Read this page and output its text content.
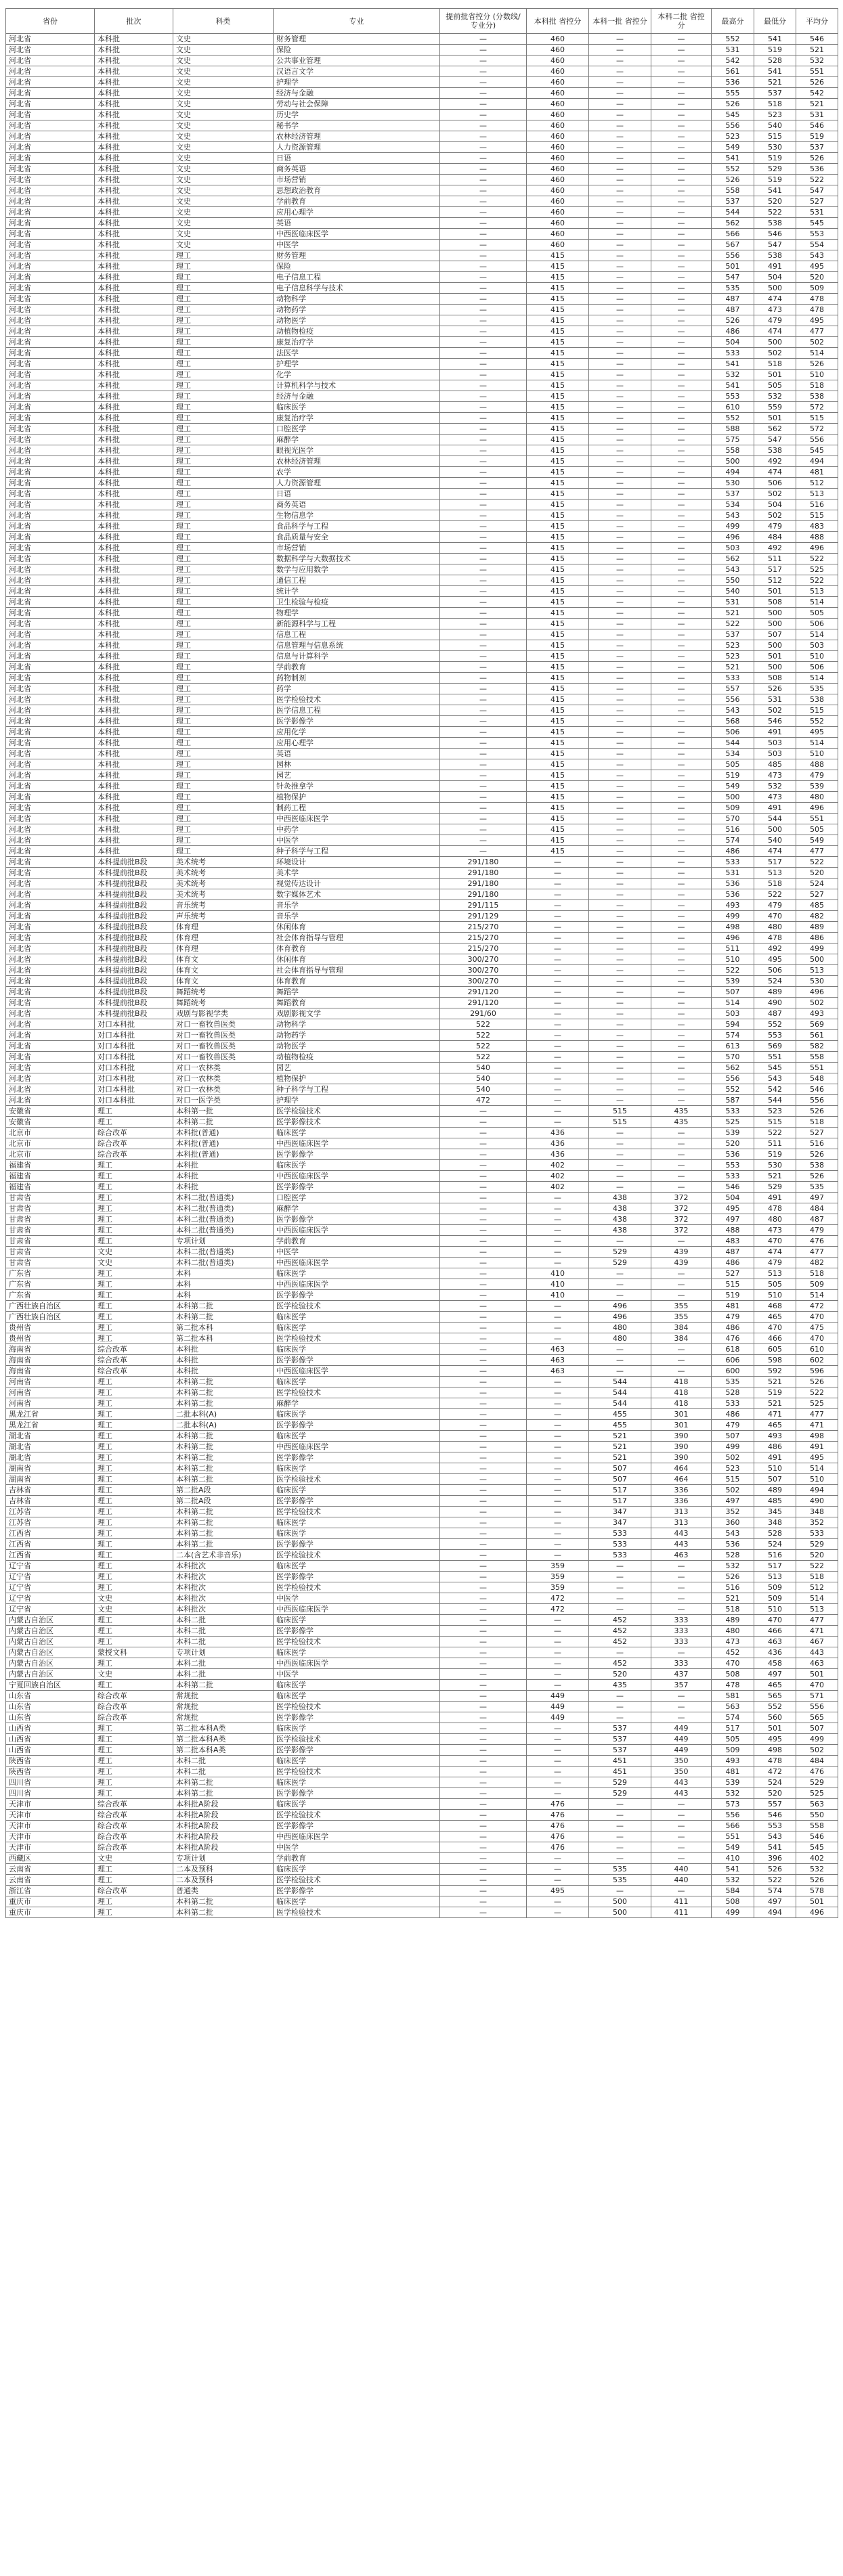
省份	批次	科类	专业	提前批省控分 (分数线/专业分)	本科批 省控分	本科一批 省控分	本科二批 省控分	最高分	最低分	平均分
河北省	本科批	文史	财务管理	—	460	—	—	552	541	546
河北省	本科批	文史	保险	—	460	—	—	531	519	521
河北省	本科批	文史	公共事业管理	—	460	—	—	542	528	532
河北省	本科批	文史	汉语言文学	—	460	—	—	561	541	551
河北省	本科批	文史	护理学	—	460	—	—	536	521	526
河北省	本科批	文史	经济与金融	—	460	—	—	555	537	542
河北省	本科批	文史	劳动与社会保障	—	460	—	—	526	518	521
河北省	本科批	文史	历史学	—	460	—	—	545	523	531
河北省	本科批	文史	秘书学	—	460	—	—	556	540	546
河北省	本科批	文史	农林经济管理	—	460	—	—	523	515	519
河北省	本科批	文史	人力资源管理	—	460	—	—	549	530	537
河北省	本科批	文史	日语	—	460	—	—	541	519	526
河北省	本科批	文史	商务英语	—	460	—	—	552	529	536
河北省	本科批	文史	市场营销	—	460	—	—	526	519	522
河北省	本科批	文史	思想政治教育	—	460	—	—	558	541	547
河北省	本科批	文史	学前教育	—	460	—	—	537	520	527
河北省	本科批	文史	应用心理学	—	460	—	—	544	522	531
河北省	本科批	文史	英语	—	460	—	—	562	538	545
河北省	本科批	文史	中西医临床医学	—	460	—	—	566	546	553
河北省	本科批	文史	中医学	—	460	—	—	567	547	554
河北省	本科批	理工	财务管理	—	415	—	—	556	538	543
河北省	本科批	理工	保险	—	415	—	—	501	491	495
河北省	本科批	理工	电子信息工程	—	415	—	—	547	504	520
河北省	本科批	理工	电子信息科学与技术	—	415	—	—	535	500	509
河北省	本科批	理工	动物科学	—	415	—	—	487	474	478
河北省	本科批	理工	动物药学	—	415	—	—	487	473	478
河北省	本科批	理工	动物医学	—	415	—	—	526	479	495
河北省	本科批	理工	动植物检疫	—	415	—	—	486	474	477
河北省	本科批	理工	康复治疗学	—	415	—	—	504	500	502
河北省	本科批	理工	法医学	—	415	—	—	533	502	514
河北省	本科批	理工	护理学	—	415	—	—	541	518	526
河北省	本科批	理工	化学	—	415	—	—	532	501	510
河北省	本科批	理工	计算机科学与技术	—	415	—	—	541	505	518
河北省	本科批	理工	经济与金融	—	415	—	—	553	532	538
河北省	本科批	理工	临床医学	—	415	—	—	610	559	572
河北省	本科批	理工	康复治疗学	—	415	—	—	552	501	515
河北省	本科批	理工	口腔医学	—	415	—	—	588	562	572
河北省	本科批	理工	麻醉学	—	415	—	—	575	547	556
河北省	本科批	理工	眼视光医学	—	415	—	—	558	538	545
河北省	本科批	理工	农林经济管理	—	415	—	—	500	492	494
河北省	本科批	理工	农学	—	415	—	—	494	474	481
河北省	本科批	理工	人力资源管理	—	415	—	—	530	506	512
河北省	本科批	理工	日语	—	415	—	—	537	502	513
河北省	本科批	理工	商务英语	—	415	—	—	534	504	516
河北省	本科批	理工	生物信息学	—	415	—	—	543	502	515
河北省	本科批	理工	食品科学与工程	—	415	—	—	499	479	483
河北省	本科批	理工	食品质量与安全	—	415	—	—	496	484	488
河北省	本科批	理工	市场营销	—	415	—	—	503	492	496
河北省	本科批	理工	数据科学与大数据技术	—	415	—	—	562	511	522
河北省	本科批	理工	数学与应用数学	—	415	—	—	543	517	525
河北省	本科批	理工	通信工程	—	415	—	—	550	512	522
河北省	本科批	理工	统计学	—	415	—	—	540	501	513
河北省	本科批	理工	卫生检验与检疫	—	415	—	—	531	508	514
河北省	本科批	理工	物理学	—	415	—	—	521	500	505
河北省	本科批	理工	新能源科学与工程	—	415	—	—	522	500	506
河北省	本科批	理工	信息工程	—	415	—	—	537	507	514
河北省	本科批	理工	信息管理与信息系统	—	415	—	—	523	500	503
河北省	本科批	理工	信息与计算科学	—	415	—	—	523	501	510
河北省	本科批	理工	学前教育	—	415	—	—	521	500	506
河北省	本科批	理工	药物制剂	—	415	—	—	533	508	514
河北省	本科批	理工	药学	—	415	—	—	557	526	535
河北省	本科批	理工	医学检验技术	—	415	—	—	556	531	538
河北省	本科批	理工	医学信息工程	—	415	—	—	543	502	515
河北省	本科批	理工	医学影像学	—	415	—	—	568	546	552
河北省	本科批	理工	应用化学	—	415	—	—	506	491	495
河北省	本科批	理工	应用心理学	—	415	—	—	544	503	514
河北省	本科批	理工	英语	—	415	—	—	534	503	510
河北省	本科批	理工	园林	—	415	—	—	505	485	488
河北省	本科批	理工	园艺	—	415	—	—	519	473	479
河北省	本科批	理工	针灸推拿学	—	415	—	—	549	532	539
河北省	本科批	理工	植物保护	—	415	—	—	500	473	480
河北省	本科批	理工	制药工程	—	415	—	—	509	491	496
河北省	本科批	理工	中西医临床医学	—	415	—	—	570	544	551
河北省	本科批	理工	中药学	—	415	—	—	516	500	505
河北省	本科批	理工	中医学	—	415	—	—	574	540	549
河北省	本科批	理工	种子科学与工程	—	415	—	—	486	474	477
河北省	本科提前批B段	美术统考	环境设计	291/180	—	—	—	533	517	522
河北省	本科提前批B段	美术统考	美术学	291/180	—	—	—	531	513	520
河北省	本科提前批B段	美术统考	视觉传达设计	291/180	—	—	—	536	518	524
河北省	本科提前批B段	美术统考	数字媒体艺术	291/180	—	—	—	536	522	527
河北省	本科提前批B段	音乐统考	音乐学	291/115	—	—	—	493	479	485
河北省	本科提前批B段	声乐统考	音乐学	291/129	—	—	—	499	470	482
河北省	本科提前批B段	体育理	休闲体育	215/270	—	—	—	498	480	489
河北省	本科提前批B段	体育理	社会体育指导与管理	215/270	—	—	—	496	478	486
河北省	本科提前批B段	体育理	体育教育	215/270	—	—	—	511	492	499
河北省	本科提前批B段	体育文	休闲体育	300/270	—	—	—	510	495	500
河北省	本科提前批B段	体育文	社会体育指导与管理	300/270	—	—	—	522	506	513
河北省	本科提前批B段	体育文	体育教育	300/270	—	—	—	539	524	530
河北省	本科提前批B段	舞蹈统考	舞蹈学	291/120	—	—	—	507	489	496
河北省	本科提前批B段	舞蹈统考	舞蹈教育	291/120	—	—	—	514	490	502
河北省	本科提前批B段	戏剧与影视学类	戏剧影视文学	291/60	—	—	—	503	487	493
河北省	对口本科批	对口一畜牧兽医类	动物科学	522	—	—	—	594	552	569
河北省	对口本科批	对口一畜牧兽医类	动物药学	522	—	—	—	574	553	561
河北省	对口本科批	对口一畜牧兽医类	动物医学	522	—	—	—	613	569	582
河北省	对口本科批	对口一畜牧兽医类	动植物检疫	522	—	—	—	570	551	558
河北省	对口本科批	对口一农林类	园艺	540	—	—	—	562	545	551
河北省	对口本科批	对口一农林类	植物保护	540	—	—	—	556	543	548
河北省	对口本科批	对口一农林类	种子科学与工程	540	—	—	—	552	542	546
河北省	对口本科批	对口一医学类	护理学	472	—	—	—	587	544	556
安徽省	理工	本科第一批	医学检验技术	—	—	515	435	533	523	526
安徽省	理工	本科第二批	医学影像技术	—	—	515	435	525	515	518
北京市	综合改革	本科批(普通)	临床医学	—	436	—	—	539	522	527
北京市	综合改革	本科批(普通)	中西医临床医学	—	436	—	—	520	511	516
北京市	综合改革	本科批(普通)	医学影像学	—	436	—	—	536	519	526
福建省	理工	本科批	临床医学	—	402	—	—	553	530	538
福建省	理工	本科批	中西医临床医学	—	402	—	—	533	521	526
福建省	理工	本科批	医学影像学	—	402	—	—	546	529	535
甘肃省	理工	本科二批(普通类)	口腔医学	—	—	438	372	504	491	497
甘肃省	理工	本科二批(普通类)	麻醉学	—	—	438	372	495	478	484
甘肃省	理工	本科二批(普通类)	医学影像学	—	—	438	372	497	480	487
甘肃省	理工	本科二批(普通类)	中西医临床医学	—	—	438	372	488	473	479
甘肃省	理工	专项计划	学前教育	—	—	—	—	483	470	476
甘肃省	文史	本科二批(普通类)	中医学	—	—	529	439	487	474	477
甘肃省	文史	本科二批(普通类)	中西医临床医学	—	—	529	439	486	479	482
广东省	理工	本科	临床医学	—	410	—	—	527	513	518
广东省	理工	本科	中西医临床医学	—	410	—	—	515	505	509
广东省	理工	本科	医学影像学	—	410	—	—	519	510	514
广西壮族自治区	理工	本科第二批	医学检验技术	—	—	496	355	481	468	472
广西壮族自治区	理工	本科第二批	临床医学	—	—	496	355	479	465	470
贵州省	理工	第二批本科	临床医学	—	—	480	384	486	470	475
贵州省	理工	第二批本科	医学检验技术	—	—	480	384	476	466	470
海南省	综合改革	本科批	临床医学	—	463	—	—	618	605	610
海南省	综合改革	本科批	医学影像学	—	463	—	—	606	598	602
海南省	综合改革	本科批	中西医临床医学	—	463	—	—	600	592	596
河南省	理工	本科第二批	临床医学	—	—	544	418	535	521	526
河南省	理工	本科第二批	医学检验技术	—	—	544	418	528	519	522
河南省	理工	本科第二批	麻醉学	—	—	544	418	533	521	525
黑龙江省	理工	二批本科(A)	临床医学	—	—	455	301	486	471	477
黑龙江省	理工	二批本科(A)	医学影像学	—	—	455	301	479	465	471
湖北省	理工	本科第二批	临床医学	—	—	521	390	507	493	498
湖北省	理工	本科第二批	中西医临床医学	—	—	521	390	499	486	491
湖北省	理工	本科第二批	医学影像学	—	—	521	390	502	491	495
湖南省	理工	本科第二批	临床医学	—	—	507	464	523	510	514
湖南省	理工	本科第二批	医学检验技术	—	—	507	464	515	507	510
吉林省	理工	第二批A段	临床医学	—	—	517	336	502	489	494
吉林省	理工	第二批A段	医学影像学	—	—	517	336	497	485	490
江苏省	理工	本科第二批	医学检验技术	—	—	347	313	352	345	348
江苏省	理工	本科第二批	临床医学	—	—	347	313	360	348	352
江西省	理工	本科第二批	临床医学	—	—	533	443	543	528	533
江西省	理工	本科第二批	医学影像学	—	—	533	443	536	524	529
江西省	理工	二本(含艺术非音乐)	医学检验技术	—	—	533	463	528	516	520
辽宁省	理工	本科批次	临床医学	—	359	—	—	532	517	522
辽宁省	理工	本科批次	医学影像学	—	359	—	—	526	513	518
辽宁省	理工	本科批次	医学检验技术	—	359	—	—	516	509	512
辽宁省	文史	本科批次	中医学	—	472	—	—	521	509	514
辽宁省	文史	本科批次	中西医临床医学	—	472	—	—	518	510	513
内蒙古自治区	理工	本科二批	临床医学	—	—	452	333	489	470	477
内蒙古自治区	理工	本科二批	医学影像学	—	—	452	333	480	466	471
内蒙古自治区	理工	本科二批	医学检验技术	—	—	452	333	473	463	467
内蒙古自治区	蒙授文科	专项计划	临床医学	—	—	—	—	452	436	443
内蒙古自治区	理工	本科二批	中西医临床医学	—	—	452	333	470	458	463
内蒙古自治区	文史	本科二批	中医学	—	—	520	437	508	497	501
宁夏回族自治区	理工	本科第二批	临床医学	—	—	435	357	478	465	470
山东省	综合改革	常规批	临床医学	—	449	—	—	581	565	571
山东省	综合改革	常规批	医学检验技术	—	449	—	—	563	552	556
山东省	综合改革	常规批	医学影像学	—	449	—	—	574	560	565
山西省	理工	第二批本科A类	临床医学	—	—	537	449	517	501	507
山西省	理工	第二批本科A类	医学检验技术	—	—	537	449	505	495	499
山西省	理工	第二批本科A类	医学影像学	—	—	537	449	509	498	502
陕西省	理工	本科二批	临床医学	—	—	451	350	493	478	484
陕西省	理工	本科二批	医学检验技术	—	—	451	350	481	472	476
四川省	理工	本科第二批	临床医学	—	—	529	443	539	524	529
四川省	理工	本科第二批	医学影像学	—	—	529	443	532	520	525
天津市	综合改革	本科批A阶段	临床医学	—	476	—	—	573	557	563
天津市	综合改革	本科批A阶段	医学检验技术	—	476	—	—	556	546	550
天津市	综合改革	本科批A阶段	医学影像学	—	476	—	—	566	553	558
天津市	综合改革	本科批A阶段	中西医临床医学	—	476	—	—	551	543	546
天津市	综合改革	本科批A阶段	中医学	—	476	—	—	549	541	545
西藏区	文史	专项计划	学前教育	—	—	—	—	410	396	402
云南省	理工	二本及预科	临床医学	—	—	535	440	541	526	532
云南省	理工	二本及预科	医学检验技术	—	—	535	440	532	522	526
浙江省	综合改革	普通类	医学影像学	—	495	—	—	584	574	578
重庆市	理工	本科第二批	临床医学	—	—	500	411	508	497	501
重庆市	理工	本科第二批	医学检验技术	—	—	500	411	499	494	496
